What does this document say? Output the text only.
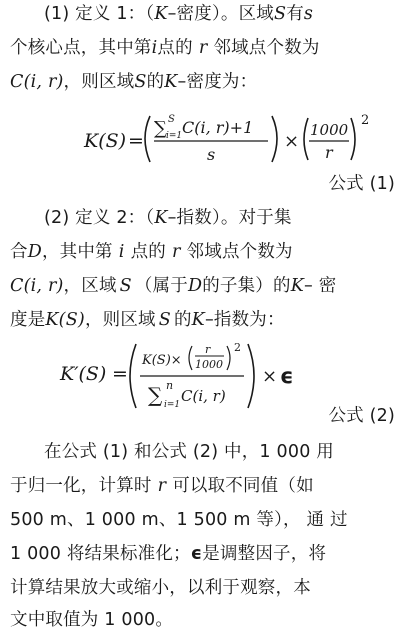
(1) 定义 1：（K–密度）。区域S有s
个核心点，其中第i点的 r 邻域点个数为
C(i, r)，则区域S的K–密度为：
K(S) =
∑ S
i=1 C(i, r)+1
s
×
1000
r
2
公式 (1)
(2) 定义 2：（K–指数）。对于集
合D，其中第 i 点的 r 邻域点个数为
C(i, r)，区域 S （属于D的子集）的K– 密
度是K(S)，则区域 S 的K–指数为：
K′(S) =
K(S)×
r
1000
2
∑ n
i=1 C(i, r)
× ϵ
公式 (2)
在公式 (1) 和公式 (2) 中，1 000 用
于归一化，计算时 r 可以取不同值（如
500 m、1 000 m、1 500 m 等）， 通 过
1 000 将结果标准化；ϵ是调整因子，将
计算结果放大或缩小，以利于观察，本
文中取值为 1 000。
